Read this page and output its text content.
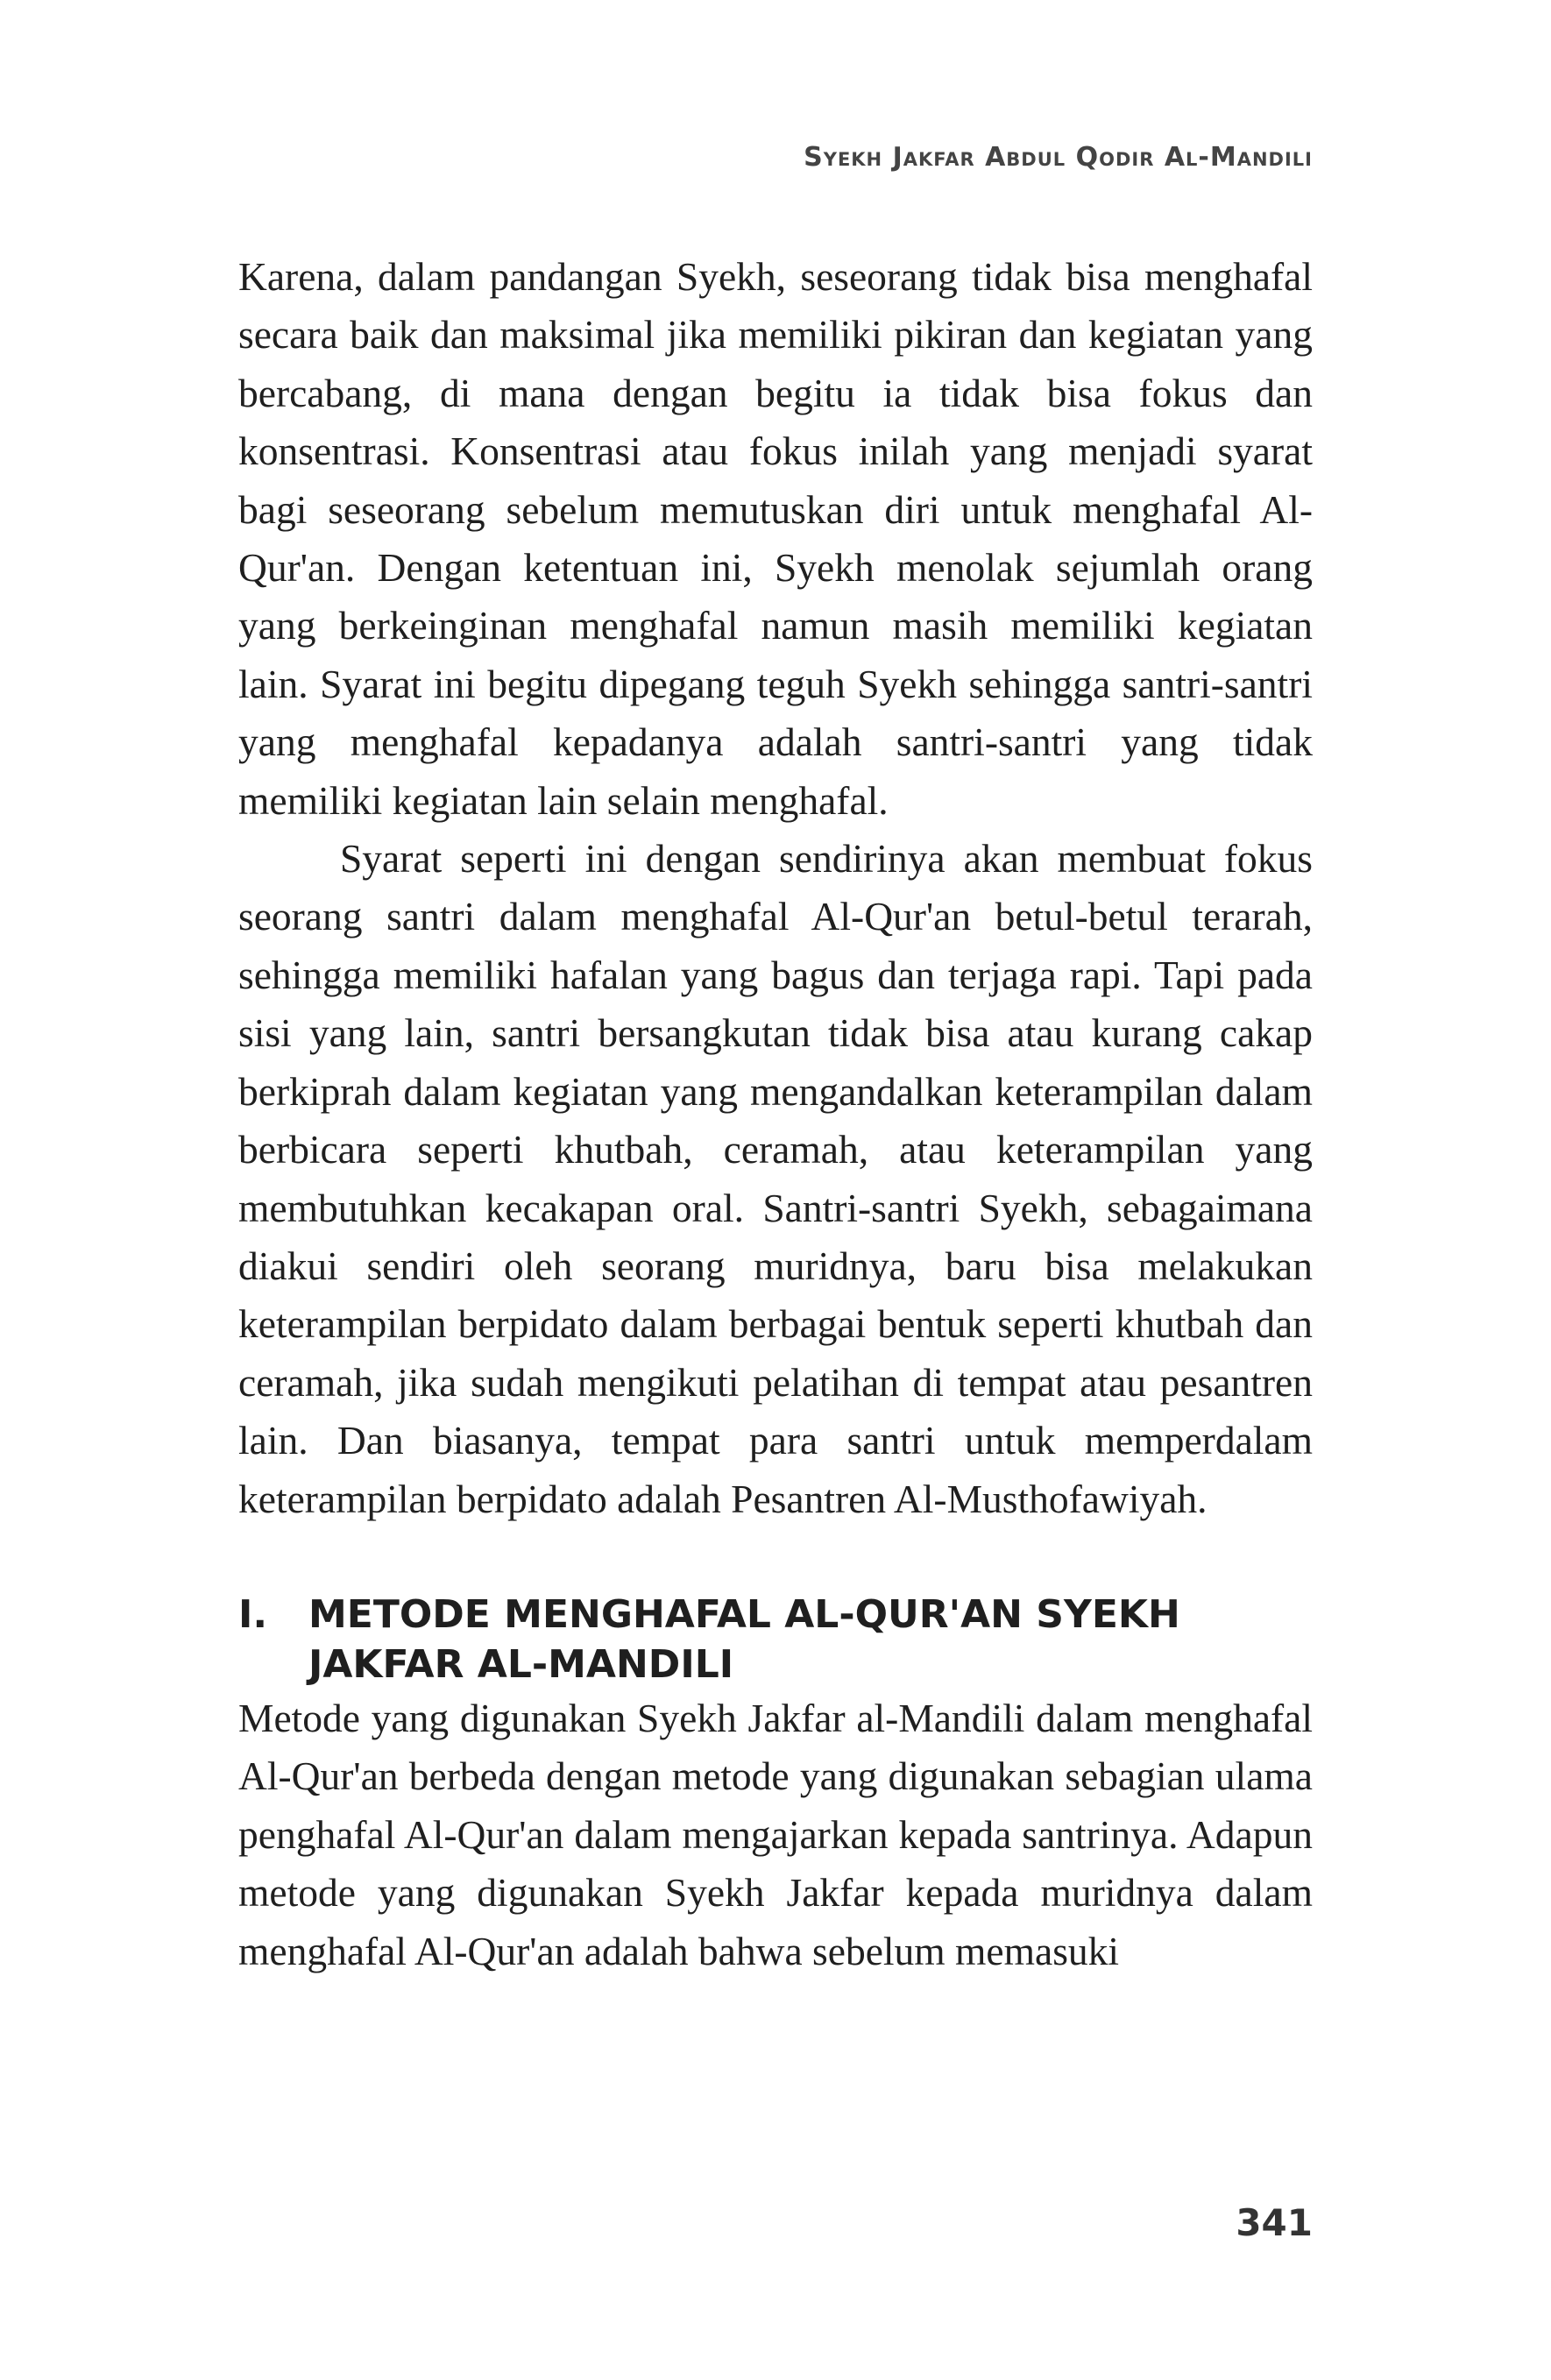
Syekh Jakfar Abdul Qodir Al-Mandili

Karena, dalam pandangan Syekh, seseorang tidak bisa menghafal secara baik dan maksimal jika memiliki pikiran dan kegiatan yang bercabang, di mana dengan begitu ia tidak bisa fokus dan konsentrasi. Konsentrasi atau fokus inilah yang menjadi syarat bagi seseorang sebelum memutuskan diri untuk menghafal Al-Qur'an. Dengan ketentuan ini, Syekh menolak sejumlah orang yang berkeinginan menghafal namun masih memiliki kegiatan lain. Syarat ini begitu dipegang teguh Syekh sehingga santri-santri yang menghafal kepadanya adalah santri-santri yang tidak memiliki kegiatan lain selain menghafal.

Syarat seperti ini dengan sendirinya akan membuat fokus seorang santri dalam menghafal Al-Qur'an betul-betul terarah, sehingga memiliki hafalan yang bagus dan terjaga rapi. Tapi pada sisi yang lain, santri bersangkutan tidak bisa atau kurang cakap berkiprah dalam kegiatan yang mengandalkan keterampilan dalam berbicara seperti khutbah, ceramah, atau keterampilan yang membutuhkan kecakapan oral. Santri-santri Syekh, sebagaimana diakui sendiri oleh seorang muridnya, baru bisa melakukan keterampilan berpidato dalam berbagai bentuk seperti khutbah dan ceramah, jika sudah mengikuti pelatihan di tempat atau pesantren lain. Dan biasanya, tempat para santri untuk memperdalam keterampilan berpidato adalah Pesantren Al-Musthofawiyah.

I.	METODE MENGHAFAL AL-QUR'AN SYEKH JAKFAR AL-MANDILI

Metode yang digunakan Syekh Jakfar al-Mandili dalam menghafal Al-Qur'an berbeda dengan metode yang digunakan sebagian ulama penghafal Al-Qur'an dalam mengajarkan kepada santrinya. Adapun metode yang digunakan Syekh Jakfar kepada muridnya dalam menghafal Al-Qur'an adalah bahwa sebelum memasuki

341
